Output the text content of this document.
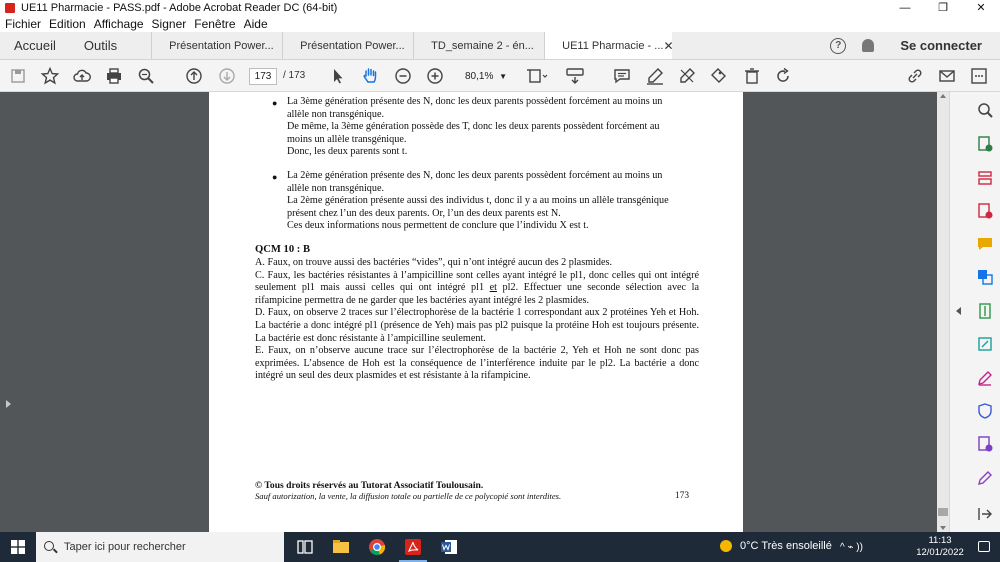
UE11 Pharmacie - PASS.pdf - Adobe Acrobat Reader DC (64-bit)	—	❐	✕
Fichier Edition Affichage Signer Fenêtre Aide
Accueil	Outils	Présentation Power...	Présentation Power...	TD_semaine 2 - én...	UE11 Pharmacie - ... ✕	?	Se connecter
173	/ 173	80,1% ▼
● La 3ème génération présente des N, donc les deux parents possèdent forcément au moins un
allèle non transgénique.
De même, la 3ème génération possède des T, donc les deux parents possèdent forcément au
moins un allèle transgénique.
Donc, les deux parents sont t.
● La 2ème génération présente des N, donc les deux parents possèdent forcément au moins un
allèle non transgénique.
La 2ème génération présente aussi des individus t, donc il y a au moins un allèle transgénique
présent chez l’un des deux parents. Or, l’un des deux parents est N.
Ces deux informations nous permettent de conclure que l’individu X est t.
QCM 10 : B

A. Faux, on trouve aussi des bactéries “vides”, qui n’ont intégré aucun des 2 plasmides.

C. Faux, les bactéries résistantes à l’ampicilline sont celles ayant intégré le pl1, donc celles qui ont intégré seulement pl1 mais aussi celles qui ont intégré pl1 et pl2. Effectuer une seconde sélection avec la rifampicine permettra de ne garder que les bactéries ayant intégré les 2 plasmides.

D. Faux, on observe 2 traces sur l’électrophorèse de la bactérie 1 correspondant aux 2 protéines Yeh et Hoh. La bactérie a donc intégré pl1 (présence de Yeh) mais pas pl2 puisque la protéine Hoh est toujours présente. La bactérie est donc résistante à l’ampicilline seulement.

E. Faux, on n’observe aucune trace sur l’électrophorèse de la bactérie 2, Yeh et Hoh ne sont donc pas exprimées. L’absence de Hoh est la conséquence de l’interférence induite par le pl2. La bactérie a donc intégré un seul des deux plasmides et est résistante à la rifampicine.

© Tous droits réservés au Tutorat Associatif Toulousain.
Sauf autorization, la vente, la diffusion totale ou partielle de ce polycopié sont interdites.	173
Taper ici pour rechercher	0°C Très ensoleillé ^ ⌁ ))
11:13
12/01/2022
